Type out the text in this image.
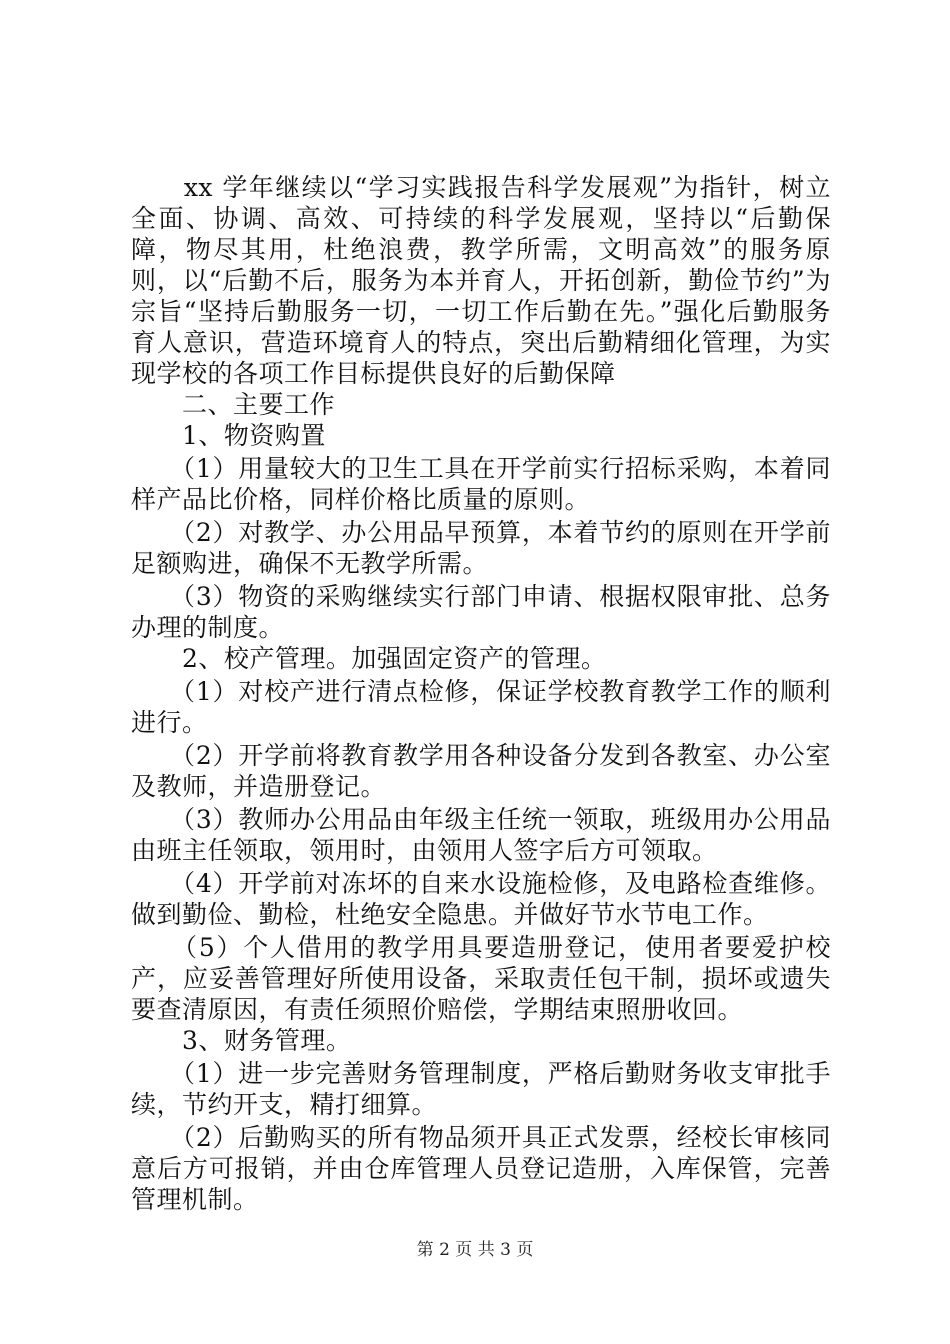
　　xx 学年继续以“学习实践报告科学发展观”为指针，树立全面、协调、高效、可持续的科学发展观，坚持以“后勤保障，物尽其用，杜绝浪费，教学所需，文明高效”的服务原则，以“后勤不后，服务为本并育人，开拓创新，勤俭节约”为宗旨“坚持后勤服务一切，一切工作后勤在先。”强化后勤服务育人意识，营造环境育人的特点，突出后勤精细化管理，为实现学校的各项工作目标提供良好的后勤保障

　　二、主要工作

　　1、物资购置

　　（1）用量较大的卫生工具在开学前实行招标采购，本着同样产品比价格，同样价格比质量的原则。

　　（2）对教学、办公用品早预算，本着节约的原则在开学前足额购进，确保不无教学所需。

　　（3）物资的采购继续实行部门申请、根据权限审批、总务办理的制度。

　　2、校产管理。加强固定资产的管理。

　　（1）对校产进行清点检修，保证学校教育教学工作的顺利进行。

　　（2）开学前将教育教学用各种设备分发到各教室、办公室及教师，并造册登记。

　　（3）教师办公用品由年级主任统一领取，班级用办公用品由班主任领取，领用时，由领用人签字后方可领取。

　　（4）开学前对冻坏的自来水设施检修，及电路检查维修。做到勤俭、勤检，杜绝安全隐患。并做好节水节电工作。

　　（5）个人借用的教学用具要造册登记，使用者要爱护校产，应妥善管理好所使用设备，采取责任包干制，损坏或遗失要查清原因，有责任须照价赔偿，学期结束照册收回。

　　3、财务管理。

　　（1）进一步完善财务管理制度，严格后勤财务收支审批手续，节约开支，精打细算。

　　（2）后勤购买的所有物品须开具正式发票，经校长审核同意后方可报销，并由仓库管理人员登记造册，入库保管，完善管理机制。

第 2 页 共 3 页
